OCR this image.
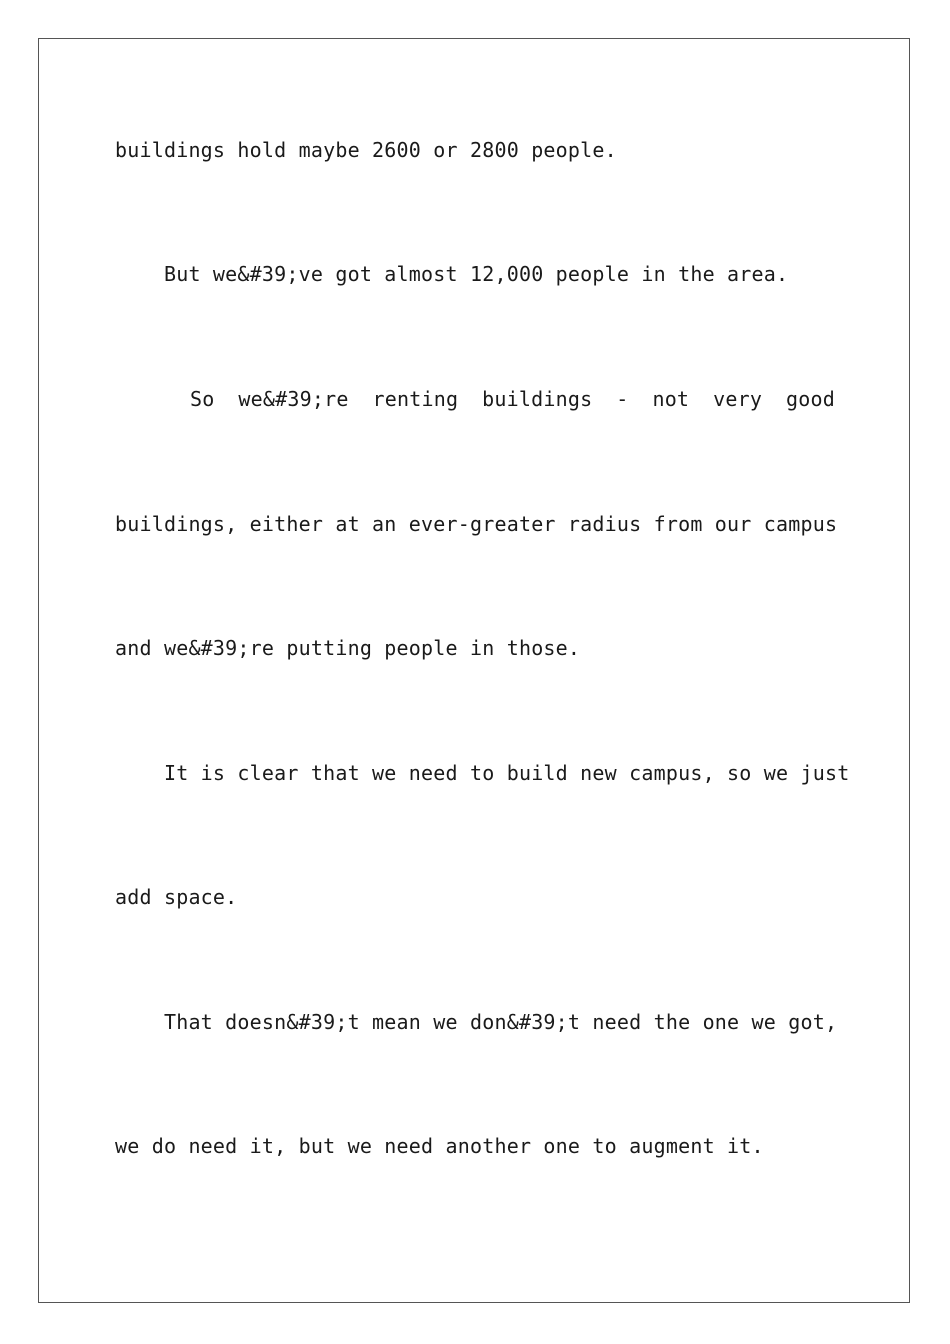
buildings hold maybe 2600 or 2800 people.
But we&#39;ve got almost 12,000 people in the area.
So we&#39;re renting buildings - not very good
buildings, either at an ever-greater radius from our campus
and we&#39;re putting people in those.
It is clear that we need to build new campus, so we just
add space.
That doesn&#39;t mean we don&#39;t need the one we got,
we do need it, but we need another one to augment it.
